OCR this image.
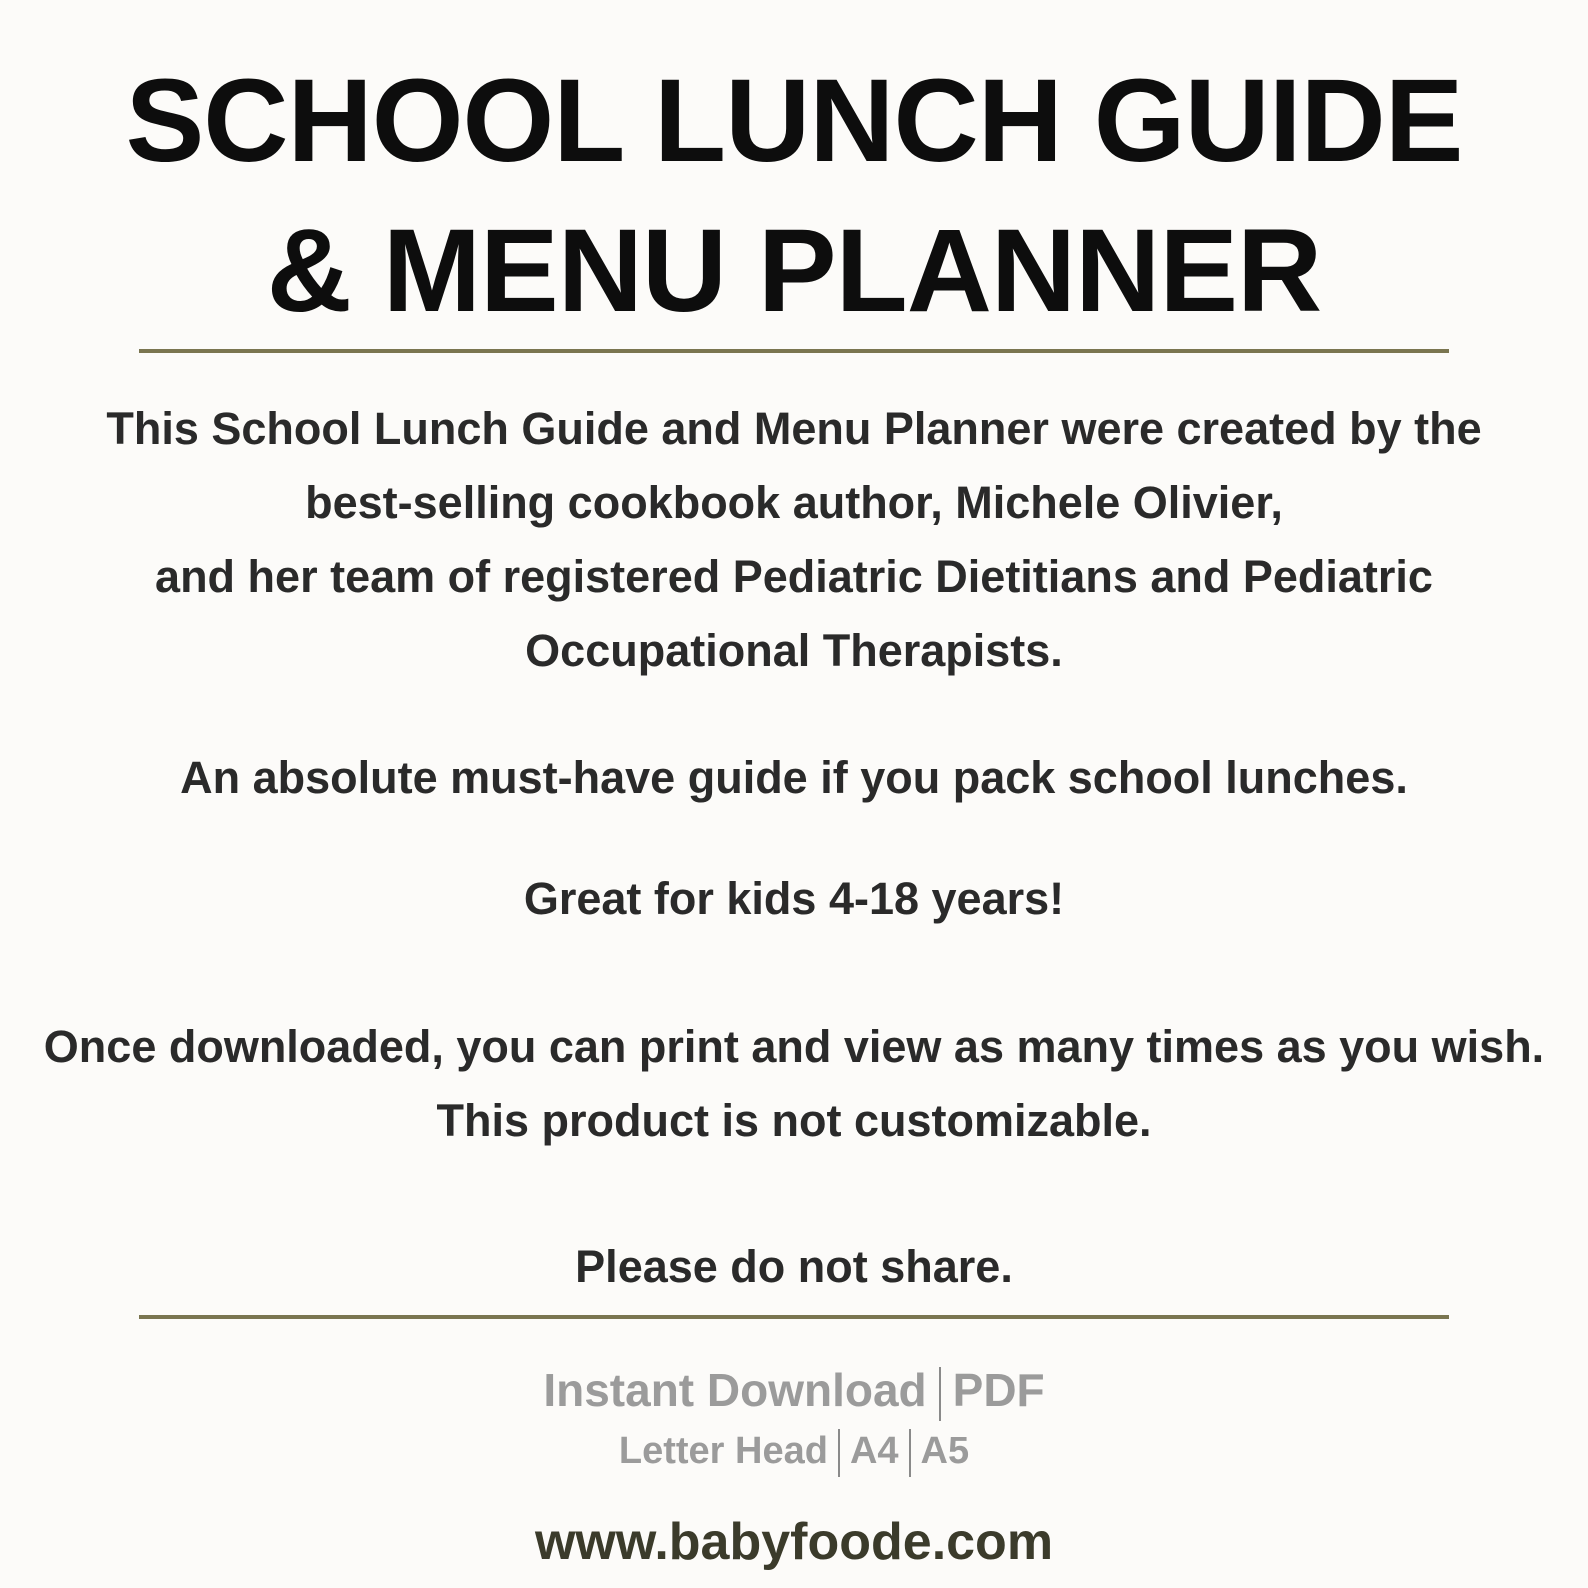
SCHOOL LUNCH GUIDE
& MENU PLANNER
This School Lunch Guide and Menu Planner were created by the
best-selling cookbook author, Michele Olivier,
and her team of registered Pediatric Dietitians and Pediatric
Occupational Therapists.
An absolute must-have guide if you pack school lunches.
Great for kids 4-18 years!
Once downloaded, you can print and view as many times as you wish.
This product is not customizable.
Please do not share.
Instant Download PDF
Letter Head A4 A5
www.babyfoode.com
